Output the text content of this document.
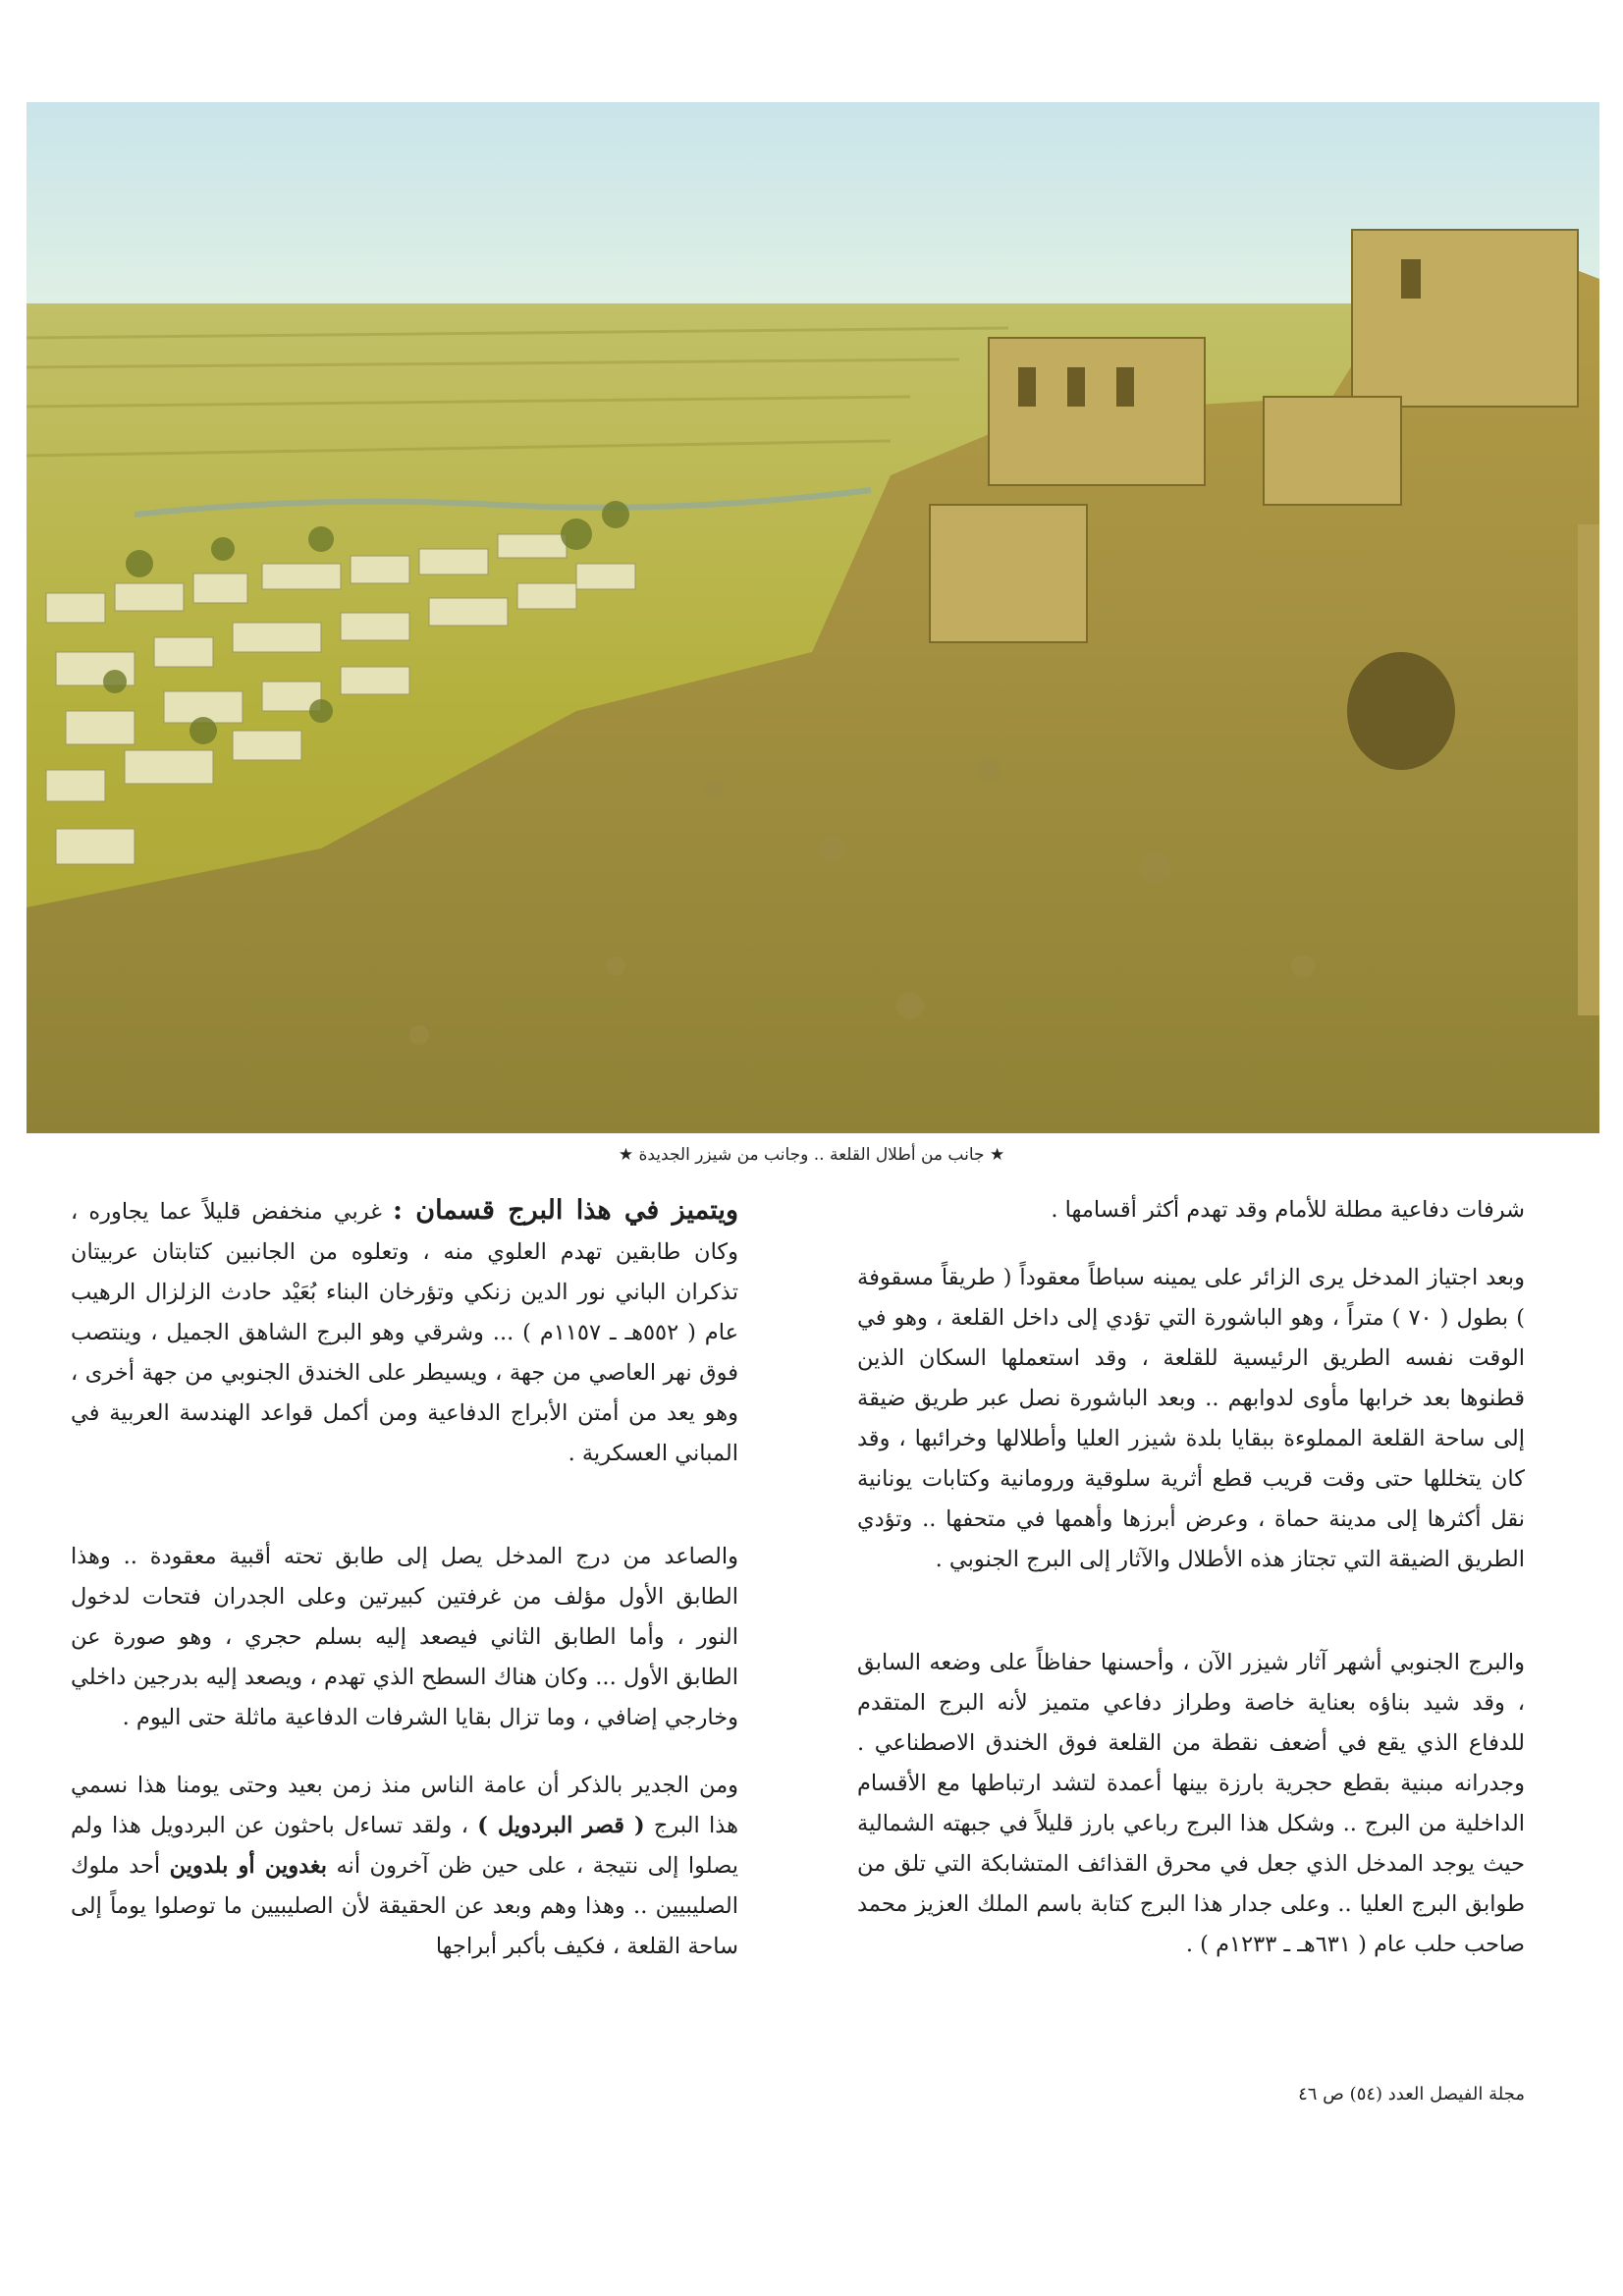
★ جانب من أطلال القلعة .. وجانب من شيزر الجديدة ★

شرفات دفاعية مطلة للأمام وقد تهدم أكثر أقسامها .

وبعد اجتياز المدخل يرى الزائر على يمينه سباطاً معقوداً ( طريقاً مسقوفة ) بطول ( ٧٠ ) متراً ، وهو الباشورة التي تؤدي إلى داخل القلعة ، وهو في الوقت نفسه الطريق الرئيسية للقلعة ، وقد استعملها السكان الذين قطنوها بعد خرابها مأوى لدوابهم .. وبعد الباشورة نصل عبر طريق ضيقة إلى ساحة القلعة المملوءة ببقايا بلدة شيزر العليا وأطلالها وخرائبها ، وقد كان يتخللها حتى وقت قريب قطع أثرية سلوقية ورومانية وكتابات يونانية نقل أكثرها إلى مدينة حماة ، وعرض أبرزها وأهمها في متحفها .. وتؤدي الطريق الضيقة التي تجتاز هذه الأطلال والآثار إلى البرج الجنوبي .

والبرج الجنوبي أشهر آثار شيزر الآن ، وأحسنها حفاظاً على وضعه السابق ، وقد شيد بناؤه بعناية خاصة وطراز دفاعي متميز لأنه البرج المتقدم للدفاع الذي يقع في أضعف نقطة من القلعة فوق الخندق الاصطناعي . وجدرانه مبنية بقطع حجرية بارزة بينها أعمدة لتشد ارتباطها مع الأقسام الداخلية من البرج .. وشكل هذا البرج رباعي بارز قليلاً في جبهته الشمالية حيث يوجد المدخل الذي جعل في محرق القذائف المتشابكة التي تلق من طوابق البرج العليا .. وعلى جدار هذا البرج كتابة باسم الملك العزيز محمد صاحب حلب عام ( ٦٣١هـ ـ ١٢٣٣م ) .

ويتميز في هذا البرج قسمان : غربي منخفض قليلاً عما يجاوره ، وكان طابقين تهدم العلوي منه ، وتعلوه من الجانبين كتابتان عربيتان تذكران الباني نور الدين زنكي وتؤرخان البناء بُعَيْد حادث الزلزال الرهيب عام ( ٥٥٢هـ ـ ١١٥٧م ) ... وشرقي وهو البرج الشاهق الجميل ، وينتصب فوق نهر العاصي من جهة ، ويسيطر على الخندق الجنوبي من جهة أخرى ، وهو يعد من أمتن الأبراج الدفاعية ومن أكمل قواعد الهندسة العربية في المباني العسكرية .

والصاعد من درج المدخل يصل إلى طابق تحته أقبية معقودة .. وهذا الطابق الأول مؤلف من غرفتين كبيرتين وعلى الجدران فتحات لدخول النور ، وأما الطابق الثاني فيصعد إليه بسلم حجري ، وهو صورة عن الطابق الأول ... وكان هناك السطح الذي تهدم ، ويصعد إليه بدرجين داخلي وخارجي إضافي ، وما تزال بقايا الشرفات الدفاعية ماثلة حتى اليوم .

ومن الجدير بالذكر أن عامة الناس منذ زمن بعيد وحتى يومنا هذا نسمي هذا البرج ( قصر البردويل ) ، ولقد تساءل باحثون عن البردويل هذا ولم يصلوا إلى نتيجة ، على حين ظن آخرون أنه بغدوين أو بلدوين أحد ملوك الصليبيين .. وهذا وهم وبعد عن الحقيقة لأن الصليبيين ما توصلوا يوماً إلى ساحة القلعة ، فكيف بأكبر أبراجها

مجلة الفيصل العدد (٥٤) ص ٤٦
